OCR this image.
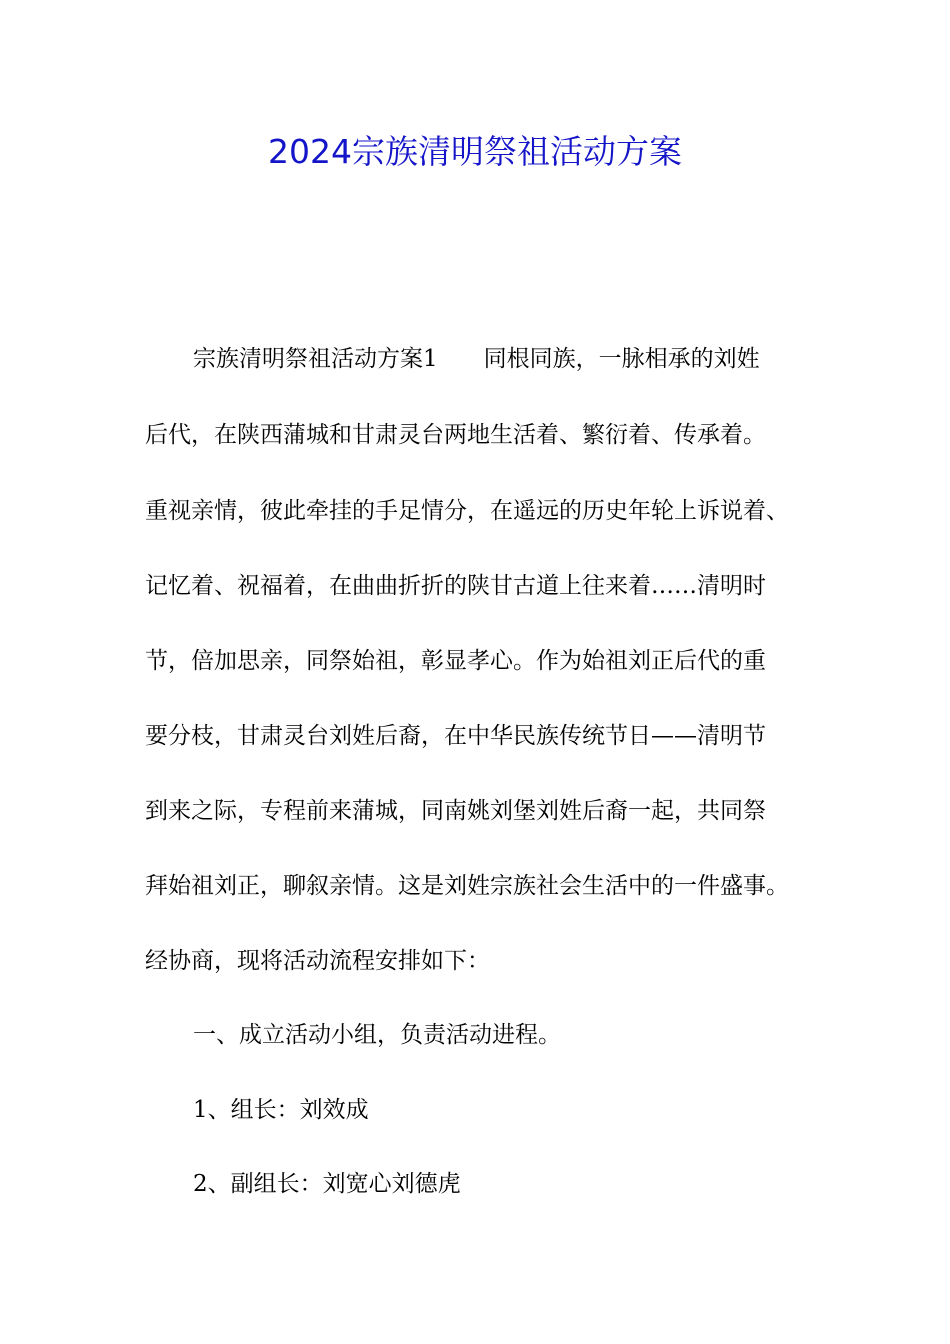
2024宗族清明祭祖活动方案

宗族清明祭祖活动方案1 同根同族，一脉相承的刘姓

后代，在陕西蒲城和甘肃灵台两地生活着、繁衍着、传承着。

重视亲情，彼此牵挂的手足情分，在遥远的历史年轮上诉说着、

记忆着、祝福着，在曲曲折折的陕甘古道上往来着……清明时

节，倍加思亲，同祭始祖，彰显孝心。作为始祖刘正后代的重

要分枝，甘肃灵台刘姓后裔，在中华民族传统节日——清明节

到来之际，专程前来蒲城，同南姚刘堡刘姓后裔一起，共同祭

拜始祖刘正，聊叙亲情。这是刘姓宗族社会生活中的一件盛事。

经协商，现将活动流程安排如下：

一、成立活动小组，负责活动进程。

1、组长：刘效成

2、副组长：刘宽心刘德虎
